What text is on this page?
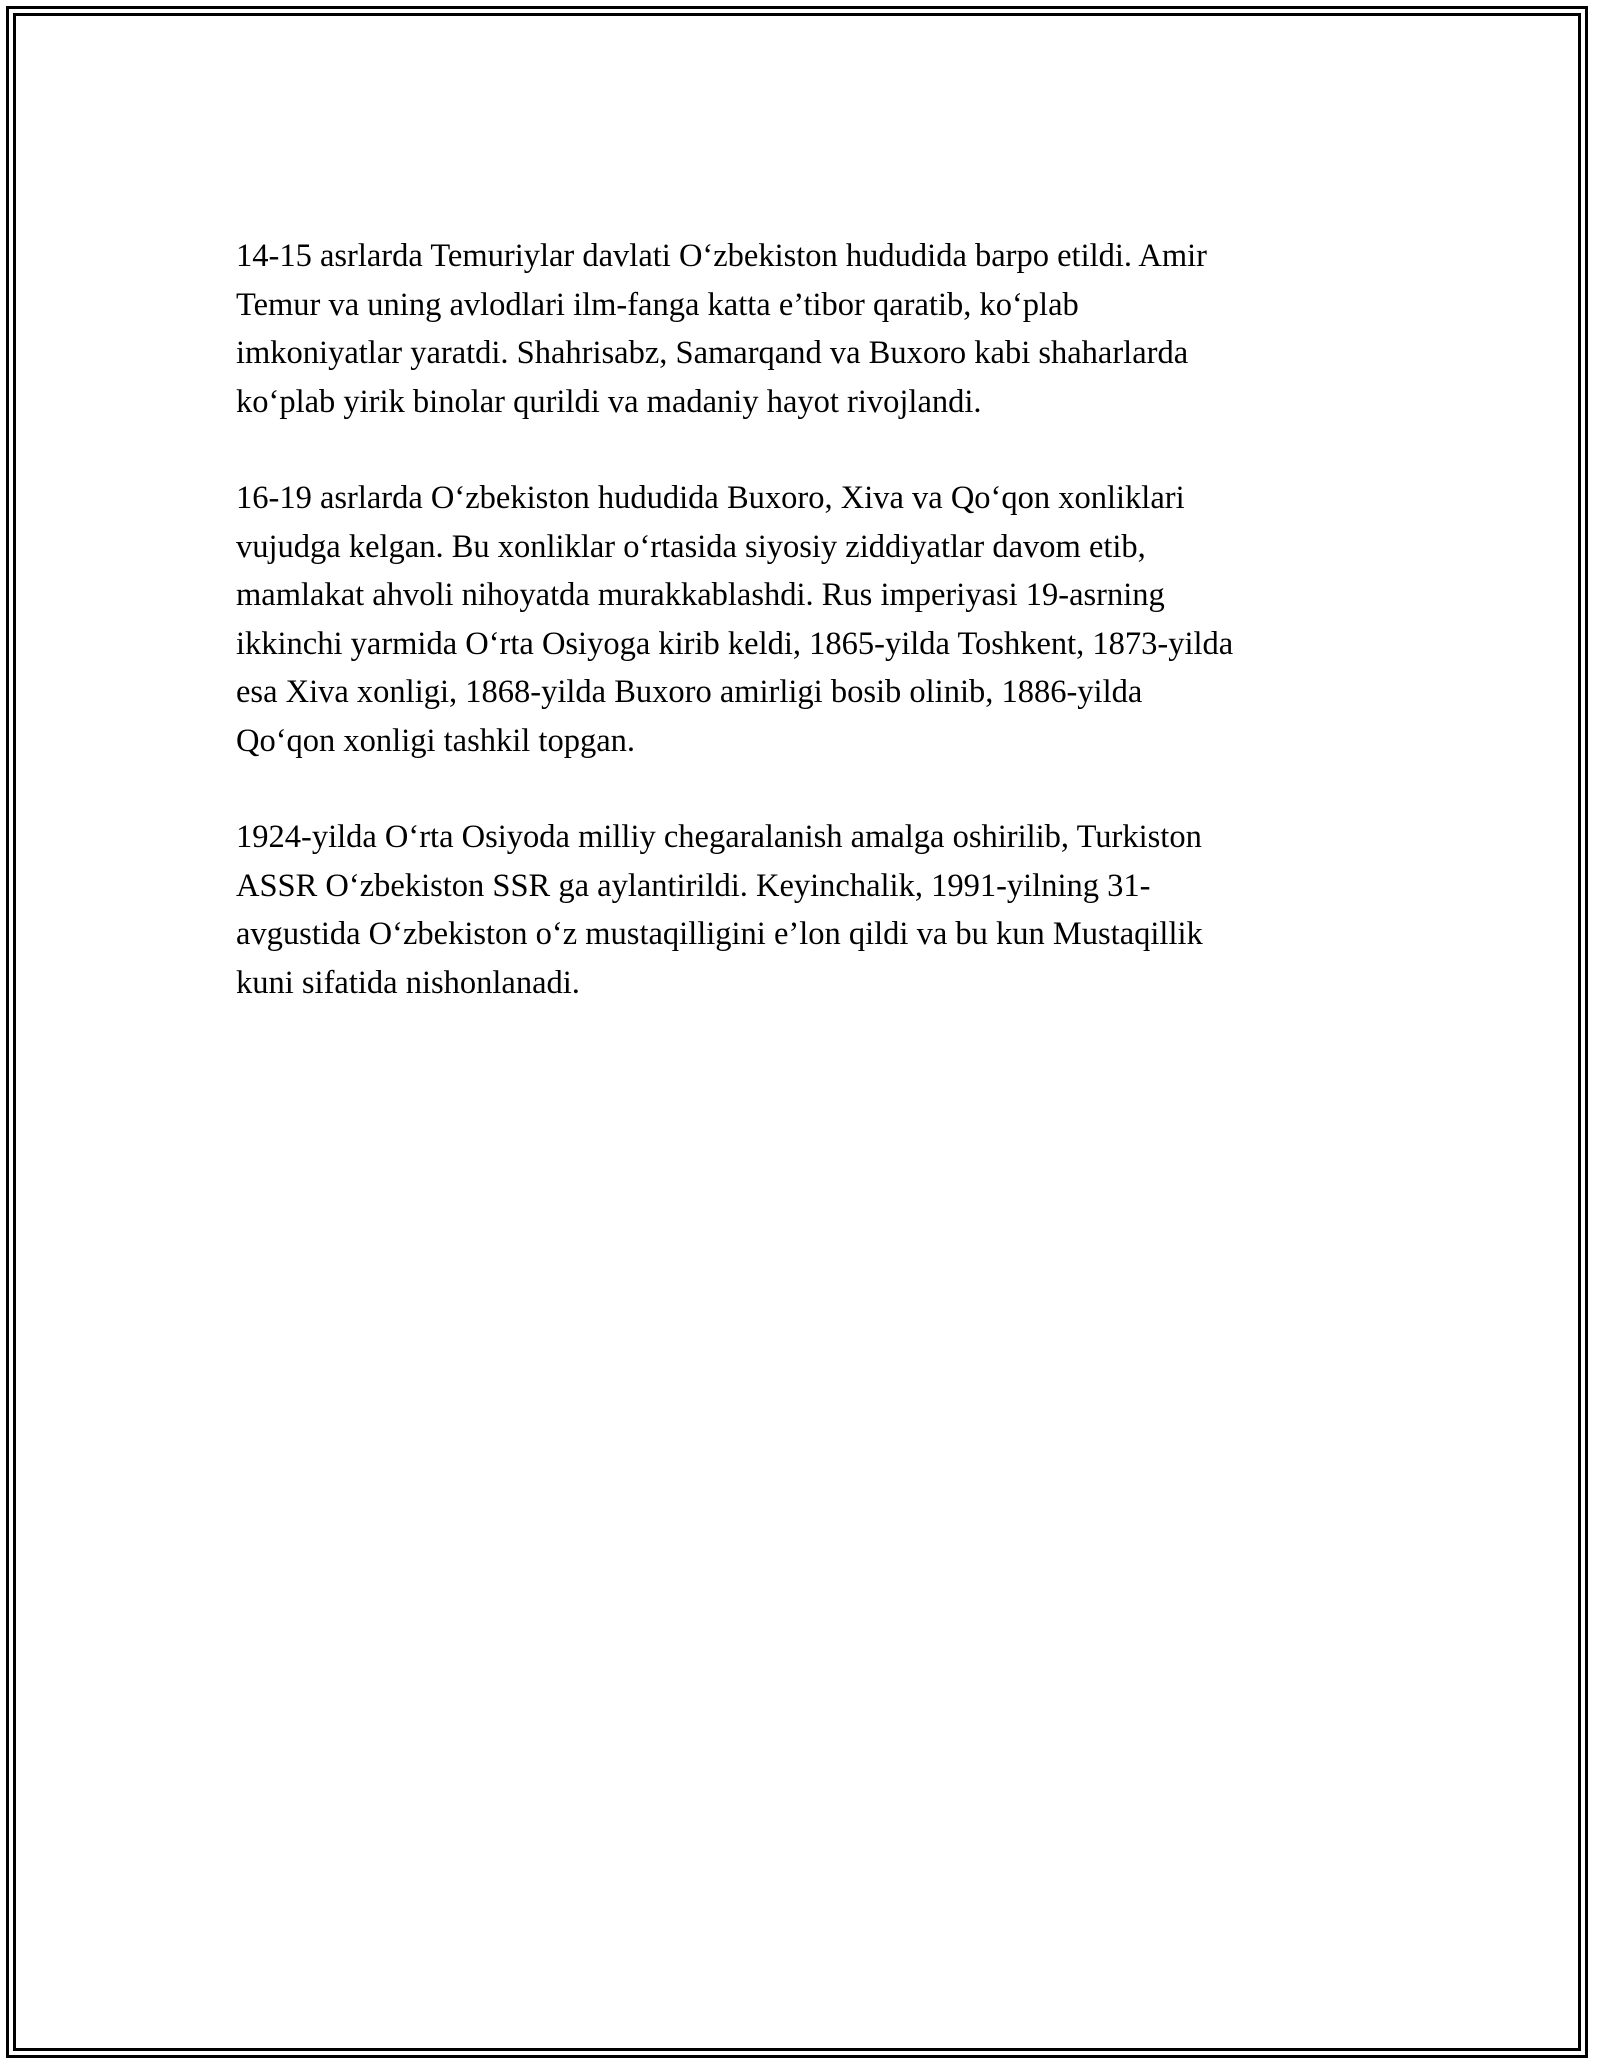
14-15 asrlarda Temuriylar davlati O‘zbekiston hududida barpo etildi. Amir
Temur va uning avlodlari ilm-fanga katta e’tibor qaratib, ko‘plab
imkoniyatlar yaratdi. Shahrisabz, Samarqand va Buxoro kabi shaharlarda
ko‘plab yirik binolar qurildi va madaniy hayot rivojlandi.

16-19 asrlarda O‘zbekiston hududida Buxoro, Xiva va Qo‘qon xonliklari
vujudga kelgan. Bu xonliklar o‘rtasida siyosiy ziddiyatlar davom etib,
mamlakat ahvoli nihoyatda murakkablashdi. Rus imperiyasi 19-asrning
ikkinchi yarmida O‘rta Osiyoga kirib keldi, 1865-yilda Toshkent, 1873-yilda
esa Xiva xonligi, 1868-yilda Buxoro amirligi bosib olinib, 1886-yilda
Qo‘qon xonligi tashkil topgan.

1924-yilda O‘rta Osiyoda milliy chegaralanish amalga oshirilib, Turkiston
ASSR O‘zbekiston SSR ga aylantirildi. Keyinchalik, 1991-yilning 31-
avgustida O‘zbekiston o‘z mustaqilligini e’lon qildi va bu kun Mustaqillik
kuni sifatida nishonlanadi.
